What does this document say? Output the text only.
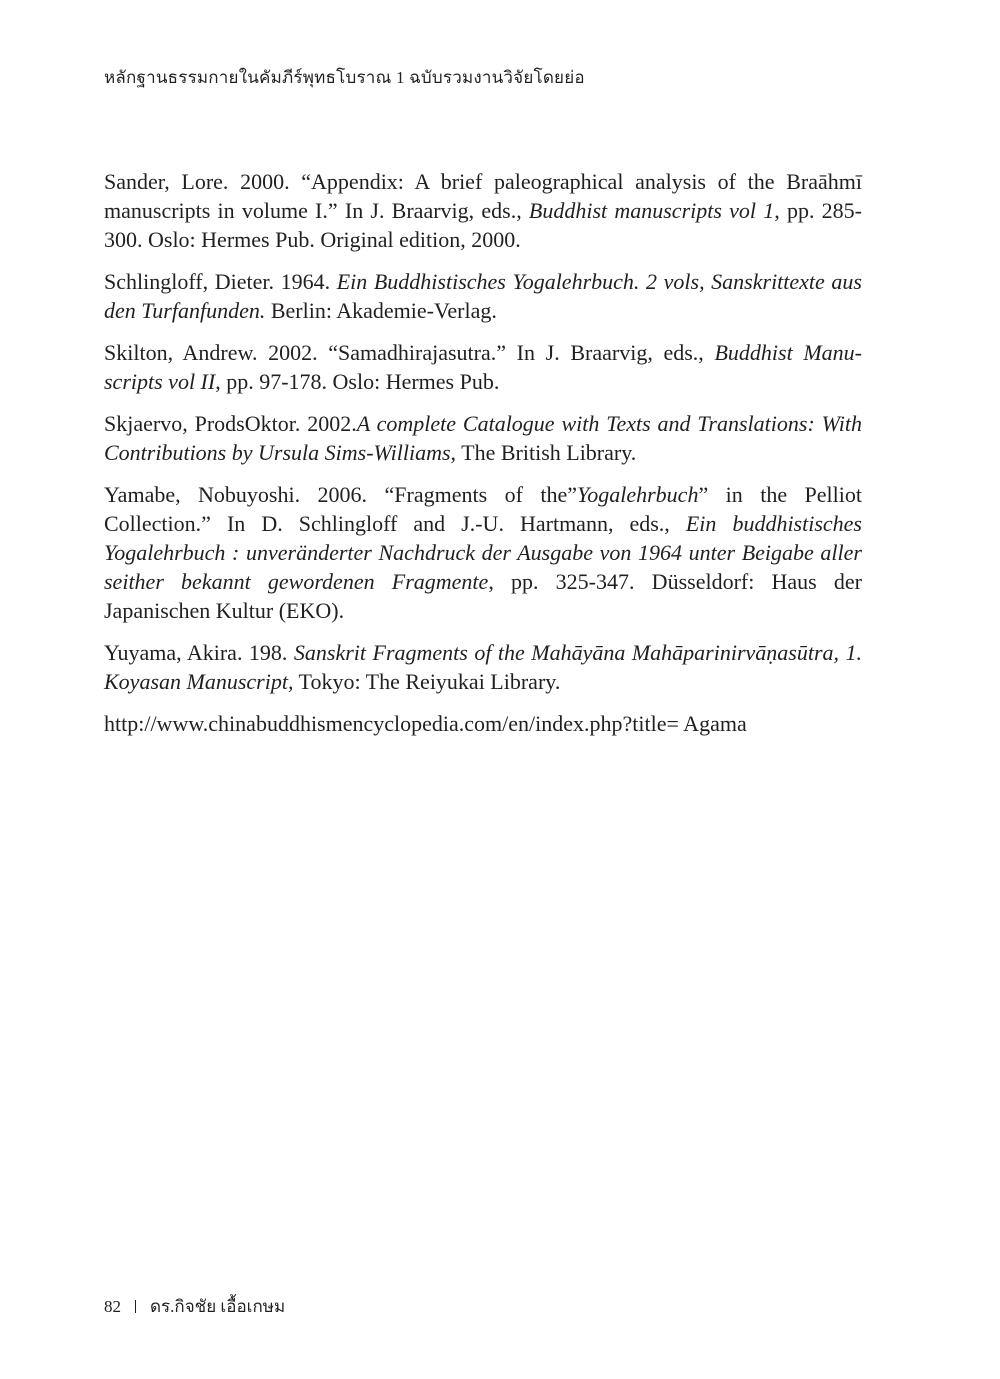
หลักฐานธรรมกายในคัมภีร์พุทธโบราณ 1 ฉบับรวมงานวิจัยโดยย่อ

Sander, Lore. 2000. “Appendix: A brief paleographical analysis of the Braāhmī manuscripts in volume I.” In J. Braarvig, eds., Buddhist manuscripts vol 1, pp. 285-300. Oslo: Hermes Pub. Original edition, 2000.

Schlingloff, Dieter. 1964. Ein Buddhistisches Yogalehrbuch. 2 vols, Sanskrittexte aus den Turfanfunden. Berlin: Akademie-Verlag.

Skilton, Andrew. 2002. “Samadhirajasutra.” In J. Braarvig, eds., Buddhist Manuscripts vol II, pp. 97-178. Oslo: Hermes Pub.

Skjaervo, ProdsOktor. 2002.A complete Catalogue with Texts and Translations: With Contributions by Ursula Sims-Williams, The British Library.

Yamabe, Nobuyoshi. 2006. “Fragments of the”Yogalehrbuch” in the Pelliot Collection.” In D. Schlingloff and J.-U. Hartmann, eds., Ein buddhistisches Yogalehrbuch : unveränderter Nachdruck der Ausgabe von 1964 unter Beigabe aller seither bekannt gewordenen Fragmente, pp. 325-347. Düsseldorf: Haus der Japanischen Kultur (EKO).

Yuyama, Akira. 198. Sanskrit Fragments of the Mahāyāna Mahāparinirvāṇasūtra, 1. Koyasan Manuscript, Tokyo: The Reiyukai Library.

http://www.chinabuddhismencyclopedia.com/en/index.php?title= Agama

82 ดร.กิจชัย เอื้อเกษม
